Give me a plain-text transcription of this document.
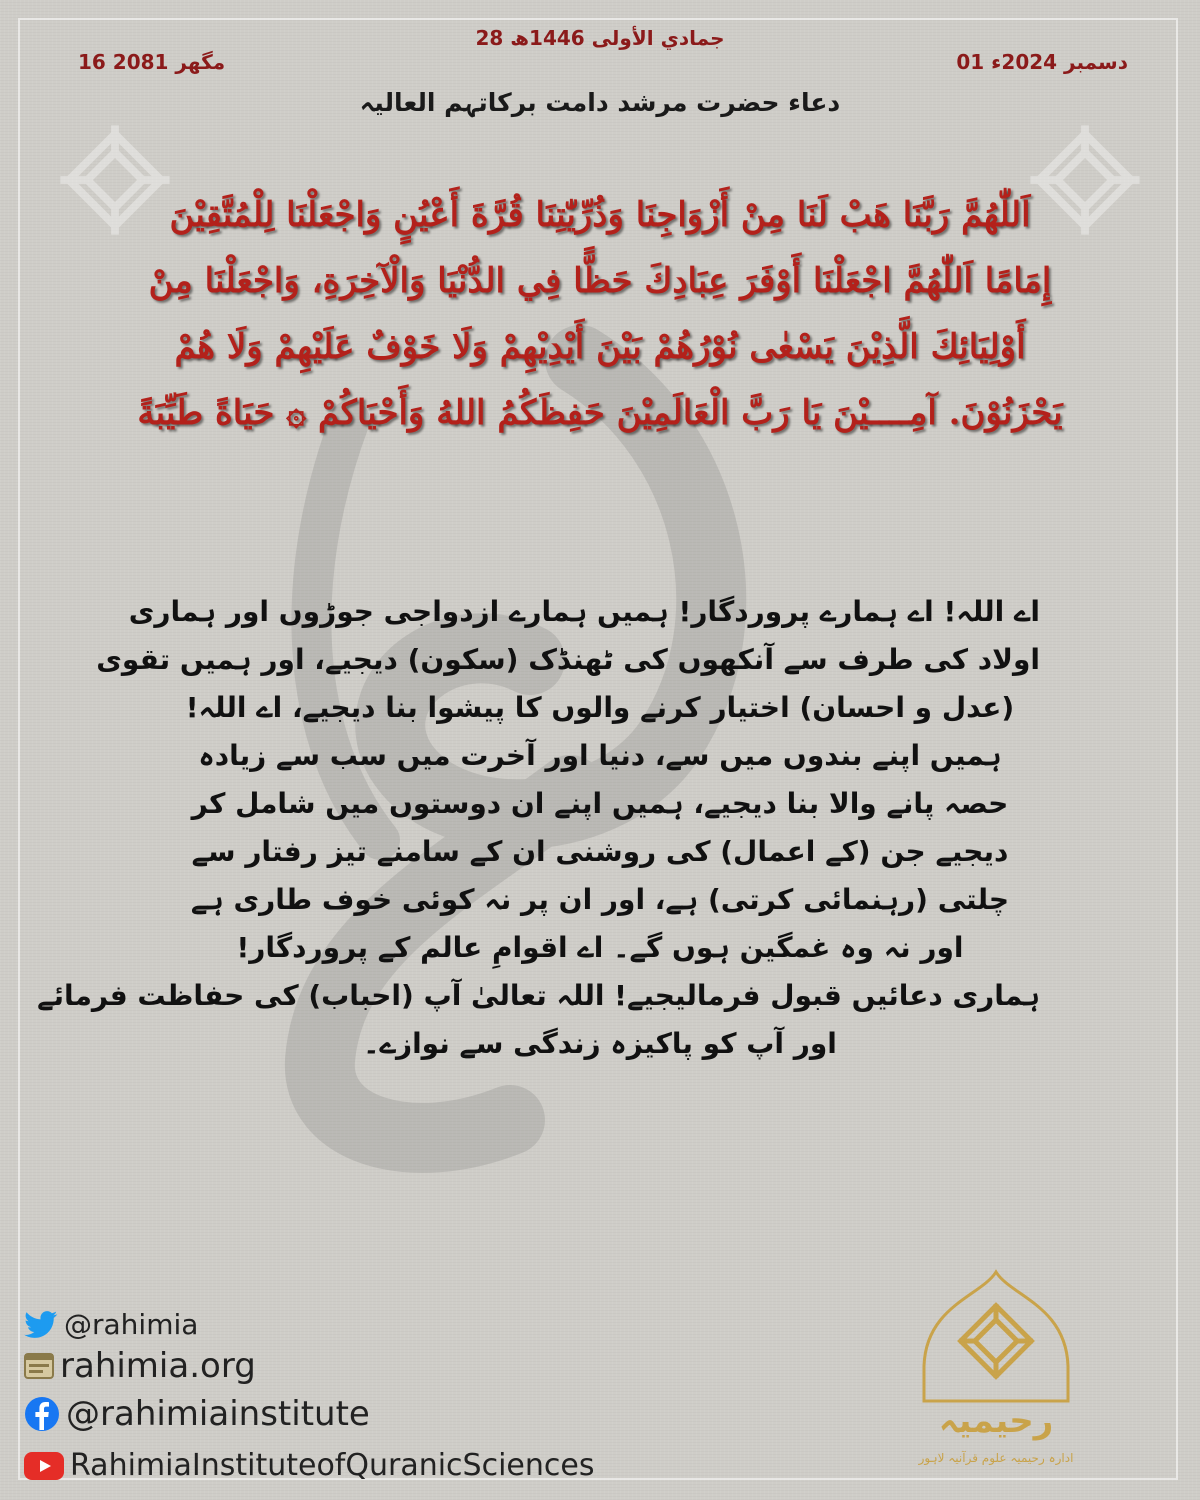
28 جمادي الأولى 1446ھ
01 دسمبر 2024ء
16 مگھر 2081
دعاء حضرت مرشد دامت برکاتہم العالیہ
اَللّٰهُمَّ رَبَّنَا هَبْ لَنَا مِنْ أَزْوَاجِنَا وَذُرِّيّٰتِنَا قُرَّةَ أَعْيُنٍ وَاجْعَلْنَا لِلْمُتَّقِيْنَ
إِمَامًا اَللّٰهُمَّ اجْعَلْنَا أَوْفَرَ عِبَادِكَ حَظًّا فِي الدُّنْيَا وَالْآخِرَةِ، وَاجْعَلْنَا مِنْ
أَوْلِيَائِكَ الَّذِيْنَ يَسْعٰى نُوْرُهُمْ بَيْنَ أَيْدِيْهِمْ وَلَا خَوْفٌ عَلَيْهِمْ وَلَا هُمْ
يَحْزَنُوْنَ. آمِــــيْنَ يَا رَبَّ الْعَالَمِيْنَ حَفِظَكُمُ اللهُ وَأَحْيَاكُمْ ۞ حَيَاةً طَيِّبَةً
اے اللہ! اے ہمارے پروردگار! ہمیں ہمارے ازدواجی جوڑوں اور ہماری
اولاد کی طرف سے آنکھوں کی ٹھنڈک (سکون) دیجیے، اور ہمیں تقوی
(عدل و احسان) اختیار کرنے والوں کا پیشوا بنا دیجیے، اے اللہ!
ہمیں اپنے بندوں میں سے، دنیا اور آخرت میں سب سے زیادہ
حصہ پانے والا بنا دیجیے، ہمیں اپنے ان دوستوں میں شامل کر
دیجیے جن (کے اعمال) کی روشنی ان کے سامنے تیز رفتار سے
چلتی (رہنمائی کرتی) ہے، اور ان پر نہ کوئی خوف طاری ہے
اور نہ وہ غمگین ہوں گے۔ اے اقوامِ عالم کے پروردگار!
ہماری دعائیں قبول فرمالیجیے! اللہ تعالیٰ آپ (احباب) کی حفاظت فرمائے
اور آپ کو پاکیزہ زندگی سے نوازے۔
@rahimia
rahimia.org
@rahimiainstitute
RahimiaInstituteofQuranicSciences
رحیمیہ
ادارہ رحیمیہ علوم قرآنیہ لاہور
